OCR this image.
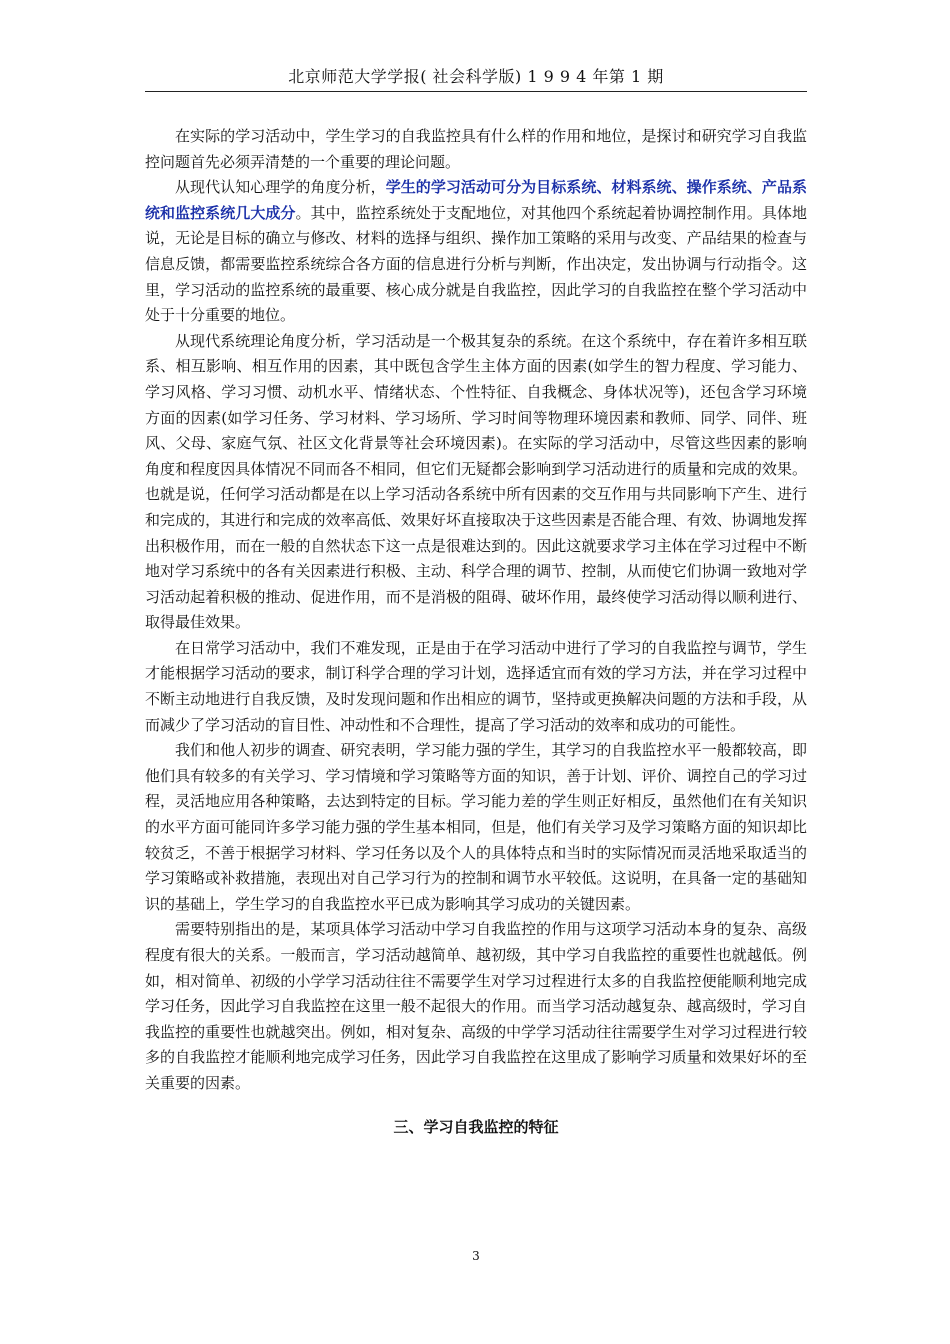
北京师范大学学报( 社会科学版) 1 9 9 4 年第 1 期

在实际的学习活动中，学生学习的自我监控具有什么样的作用和地位，是探讨和研究学习自我监控问题首先必须弄清楚的一个重要的理论问题。

从现代认知心理学的角度分析，学生的学习活动可分为目标系统、材料系统、操作系统、产品系统和监控系统几大成分。其中，监控系统处于支配地位，对其他四个系统起着协调控制作用。具体地说，无论是目标的确立与修改、材料的选择与组织、操作加工策略的采用与改变、产品结果的检查与信息反馈，都需要监控系统综合各方面的信息进行分析与判断，作出决定，发出协调与行动指令。这里，学习活动的监控系统的最重要、核心成分就是自我监控，因此学习的自我监控在整个学习活动中处于十分重要的地位。

从现代系统理论角度分析，学习活动是一个极其复杂的系统。在这个系统中，存在着许多相互联系、相互影响、相互作用的因素，其中既包含学生主体方面的因素(如学生的智力程度、学习能力、学习风格、学习习惯、动机水平、情绪状态、个性特征、自我概念、身体状况等)，还包含学习环境方面的因素(如学习任务、学习材料、学习场所、学习时间等物理环境因素和教师、同学、同伴、班风、父母、家庭气氛、社区文化背景等社会环境因素)。在实际的学习活动中，尽管这些因素的影响角度和程度因具体情况不同而各不相同，但它们无疑都会影响到学习活动进行的质量和完成的效果。也就是说，任何学习活动都是在以上学习活动各系统中所有因素的交互作用与共同影响下产生、进行和完成的，其进行和完成的效率高低、效果好坏直接取决于这些因素是否能合理、有效、协调地发挥出积极作用，而在一般的自然状态下这一点是很难达到的。因此这就要求学习主体在学习过程中不断地对学习系统中的各有关因素进行积极、主动、科学合理的调节、控制，从而使它们协调一致地对学习活动起着积极的推动、促进作用，而不是消极的阻碍、破坏作用，最终使学习活动得以顺利进行、取得最佳效果。

在日常学习活动中，我们不难发现，正是由于在学习活动中进行了学习的自我监控与调节，学生才能根据学习活动的要求，制订科学合理的学习计划，选择适宜而有效的学习方法，并在学习过程中不断主动地进行自我反馈，及时发现问题和作出相应的调节，坚持或更换解决问题的方法和手段，从而减少了学习活动的盲目性、冲动性和不合理性，提高了学习活动的效率和成功的可能性。

我们和他人初步的调查、研究表明，学习能力强的学生，其学习的自我监控水平一般都较高，即他们具有较多的有关学习、学习情境和学习策略等方面的知识，善于计划、评价、调控自己的学习过程，灵活地应用各种策略，去达到特定的目标。学习能力差的学生则正好相反，虽然他们在有关知识的水平方面可能同许多学习能力强的学生基本相同，但是，他们有关学习及学习策略方面的知识却比较贫乏，不善于根据学习材料、学习任务以及个人的具体特点和当时的实际情况而灵活地采取适当的学习策略或补救措施，表现出对自己学习行为的控制和调节水平较低。这说明，在具备一定的基础知识的基础上，学生学习的自我监控水平已成为影响其学习成功的关键因素。

需要特别指出的是，某项具体学习活动中学习自我监控的作用与这项学习活动本身的复杂、高级程度有很大的关系。一般而言，学习活动越简单、越初级，其中学习自我监控的重要性也就越低。例如，相对简单、初级的小学学习活动往往不需要学生对学习过程进行太多的自我监控便能顺利地完成学习任务，因此学习自我监控在这里一般不起很大的作用。而当学习活动越复杂、越高级时，学习自我监控的重要性也就越突出。例如，相对复杂、高级的中学学习活动往往需要学生对学习过程进行较多的自我监控才能顺利地完成学习任务，因此学习自我监控在这里成了影响学习质量和效果好坏的至关重要的因素。

三、学习自我监控的特征
3
